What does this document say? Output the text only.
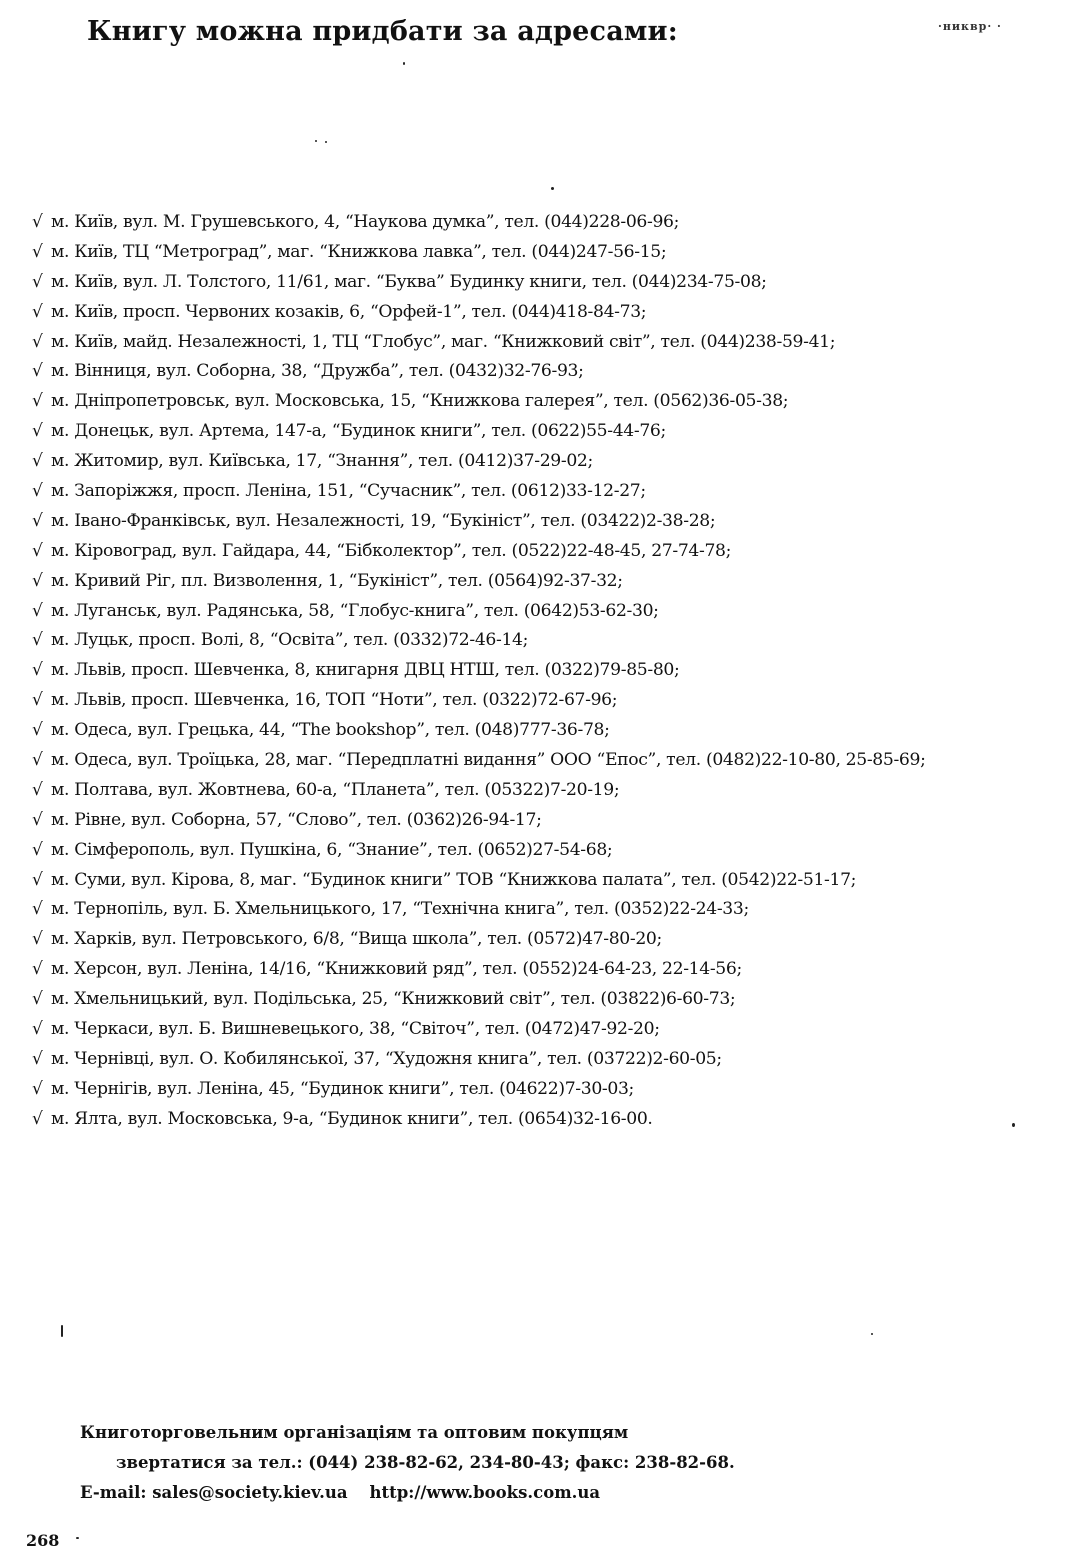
Книгу можна придбати за адресами:	·никвр· ·
√ м. Київ, вул. М. Грушевського, 4, “Наукова думка”, тел. (044)228-06-96;
√ м. Київ, ТЦ “Метроград”, маг. “Книжкова лавка”, тел. (044)247-56-15;
√ м. Київ, вул. Л. Толстого, 11/61, маг. “Буква” Будинку книги, тел. (044)234-75-08;
√ м. Київ, просп. Червоних козаків, 6, “Орфей-1”, тел. (044)418-84-73;
√ м. Київ, майд. Незалежності, 1, ТЦ “Глобус”, маг. “Книжковий світ”, тел. (044)238-59-41;
√ м. Вінниця, вул. Соборна, 38, “Дружба”, тел. (0432)32-76-93;
√ м. Дніпропетровськ, вул. Московська, 15, “Книжкова галерея”, тел. (0562)36-05-38;
√ м. Донецьк, вул. Артема, 147-а, “Будинок книги”, тел. (0622)55-44-76;
√ м. Житомир, вул. Київська, 17, “Знання”, тел. (0412)37-29-02;
√ м. Запоріжжя, просп. Леніна, 151, “Сучасник”, тел. (0612)33-12-27;
√ м. Івано-Франківськ, вул. Незалежності, 19, “Букініст”, тел. (03422)2-38-28;
√ м. Кіровоград, вул. Гайдара, 44, “Бібколектор”, тел. (0522)22-48-45, 27-74-78;
√ м. Кривий Ріг, пл. Визволення, 1, “Букініст”, тел. (0564)92-37-32;
√ м. Луганськ, вул. Радянська, 58, “Глобус-книга”, тел. (0642)53-62-30;
√ м. Луцьк, просп. Волі, 8, “Освіта”, тел. (0332)72-46-14;
√ м. Львів, просп. Шевченка, 8, книгарня ДВЦ НТШ, тел. (0322)79-85-80;
√ м. Львів, просп. Шевченка, 16, ТОП “Ноти”, тел. (0322)72-67-96;
√ м. Одеса, вул. Грецька, 44, “The bookshop”, тел. (048)777-36-78;
√ м. Одеса, вул. Троїцька, 28, маг. “Передплатні видання” ООО “Епос”, тел. (0482)22-10-80, 25-85-69;
√ м. Полтава, вул. Жовтнева, 60-а, “Планета”, тел. (05322)7-20-19;
√ м. Рівне, вул. Соборна, 57, “Слово”, тел. (0362)26-94-17;
√ м. Сімферополь, вул. Пушкіна, 6, “Знание”, тел. (0652)27-54-68;
√ м. Суми, вул. Кірова, 8, маг. “Будинок книги” ТОВ “Книжкова палата”, тел. (0542)22-51-17;
√ м. Тернопіль, вул. Б. Хмельницького, 17, “Технічна книга”, тел. (0352)22-24-33;
√ м. Харків, вул. Петровського, 6/8, “Вища школа”, тел. (0572)47-80-20;
√ м. Херсон, вул. Леніна, 14/16, “Книжковий ряд”, тел. (0552)24-64-23, 22-14-56;
√ м. Хмельницький, вул. Подільська, 25, “Книжковий світ”, тел. (03822)6-60-73;
√ м. Черкаси, вул. Б. Вишневецького, 38, “Світоч”, тел. (0472)47-92-20;
√ м. Чернівці, вул. О. Кобилянської, 37, “Художня книга”, тел. (03722)2-60-05;
√ м. Чернігів, вул. Леніна, 45, “Будинок книги”, тел. (04622)7-30-03;
√ м. Ялта, вул. Московська, 9-а, “Будинок книги”, тел. (0654)32-16-00.
Книготорговельним організаціям та оптовим покупцям
звертатися за тел.: (044) 238-82-62, 234-80-43; факс: 238-82-68.
E-mail: sales@society.kiev.ua http://www.books.com.ua
268
